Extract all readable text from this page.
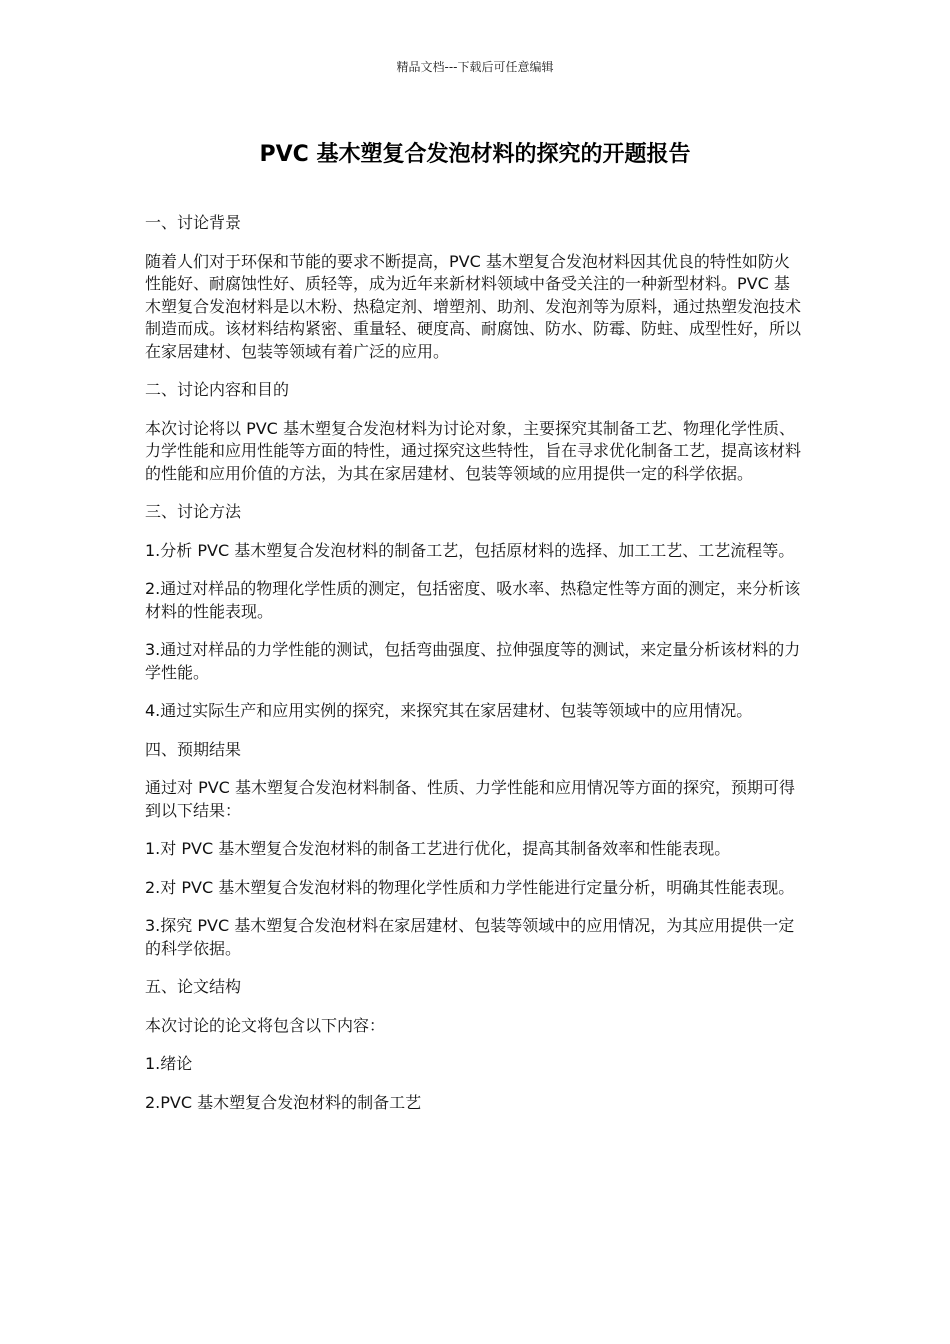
精品文档---下载后可任意编辑
PVC 基木塑复合发泡材料的探究的开题报告

一、讨论背景

随着人们对于环保和节能的要求不断提高，PVC 基木塑复合发泡材料因其优良的特性如防火性能好、耐腐蚀性好、质轻等，成为近年来新材料领域中备受关注的一种新型材料。PVC 基木塑复合发泡材料是以木粉、热稳定剂、增塑剂、助剂、发泡剂等为原料，通过热塑发泡技术制造而成。该材料结构紧密、重量轻、硬度高、耐腐蚀、防水、防霉、防蛀、成型性好，所以在家居建材、包装等领域有着广泛的应用。

二、讨论内容和目的

本次讨论将以 PVC 基木塑复合发泡材料为讨论对象，主要探究其制备工艺、物理化学性质、力学性能和应用性能等方面的特性，通过探究这些特性，旨在寻求优化制备工艺，提高该材料的性能和应用价值的方法，为其在家居建材、包装等领域的应用提供一定的科学依据。

三、讨论方法

1.分析 PVC 基木塑复合发泡材料的制备工艺，包括原材料的选择、加工工艺、工艺流程等。

2.通过对样品的物理化学性质的测定，包括密度、吸水率、热稳定性等方面的测定，来分析该材料的性能表现。

3.通过对样品的力学性能的测试，包括弯曲强度、拉伸强度等的测试，来定量分析该材料的力学性能。

4.通过实际生产和应用实例的探究，来探究其在家居建材、包装等领域中的应用情况。

四、预期结果

通过对 PVC 基木塑复合发泡材料制备、性质、力学性能和应用情况等方面的探究，预期可得到以下结果：

1.对 PVC 基木塑复合发泡材料的制备工艺进行优化，提高其制备效率和性能表现。

2.对 PVC 基木塑复合发泡材料的物理化学性质和力学性能进行定量分析，明确其性能表现。

3.探究 PVC 基木塑复合发泡材料在家居建材、包装等领域中的应用情况，为其应用提供一定的科学依据。

五、论文结构

本次讨论的论文将包含以下内容：

1.绪论

2.PVC 基木塑复合发泡材料的制备工艺
